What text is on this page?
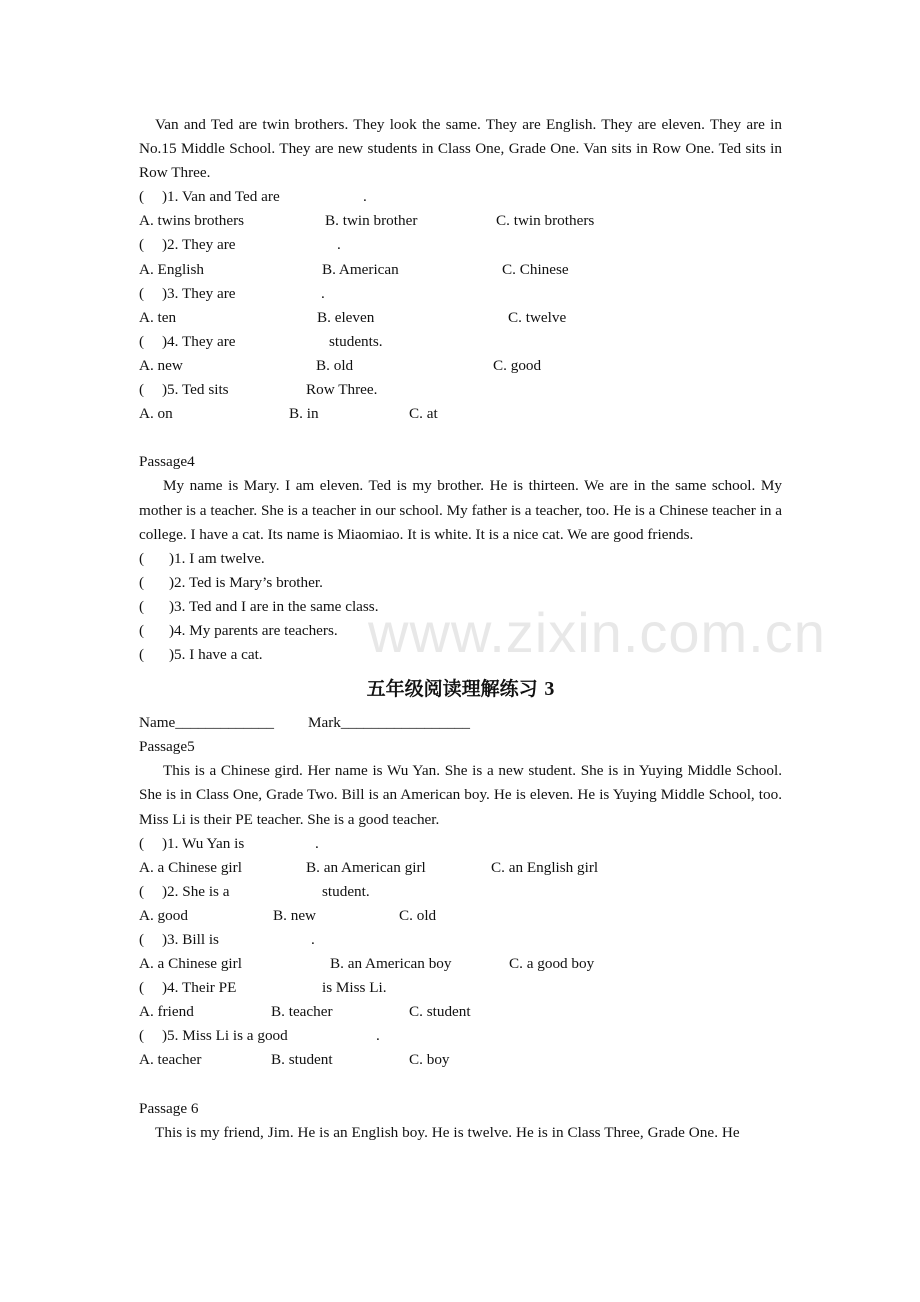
www.zixin.com.cn

Van and Ted are twin brothers. They look the same. They are English. They are eleven. They are in No.15 Middle School. They are new students in Class One, Grade One. Van sits in Row One. Ted sits in Row Three.

(

)1. Van and Ted are

	.

A. twins brothers

	B. twin brother

	C. twin brothers

(

)2. They are

	.

A. English

	B. American

	C. Chinese

(

)3. They are

	.

A. ten

	B. eleven

	C. twelve

(

)4. They are

	students.

A. new

	B. old

	C. good

(

)5. Ted sits

	Row Three.

A. on

	B. in

	C. at

Passage4

My name is Mary. I am eleven. Ted is my brother. He is thirteen. We are in the same school. My mother is a teacher. She is a teacher in our school. My father is a teacher, too. He is a Chinese teacher in a college. I have a cat. Its name is Miaomiao. It is white. It is a nice cat. We are good friends.

(

)1. I am twelve.

(

)2. Ted is Mary’s brother.

(

)3. Ted and I are in the same class.

(

)4. My parents are teachers.

(

)5. I have a cat.

五年级阅读理解练习 3

Name_____________

Mark_________________

Passage5

This is a Chinese gird. Her name is Wu Yan. She is a new student. She is in Yuying Middle School. She is in Class One, Grade Two. Bill is an American boy. He is eleven. He is Yuying Middle School, too. Miss Li is their PE teacher. She is a good teacher.

(

)1. Wu Yan is

	.

A. a Chinese girl

	B. an American girl

	C. an English girl

(

)2. She is a

	student.

A. good

	B. new

	C. old

(

)3. Bill is

	.

A. a Chinese girl

	B. an American boy

	C. a good boy

(

)4. Their PE

	is Miss Li.

A. friend

	B. teacher

	C. student

(

)5. Miss Li is a good

	.

A. teacher

	B. student

	C. boy

Passage 6

This is my friend, Jim. He is an English boy. He is twelve. He is in Class Three, Grade One. He
